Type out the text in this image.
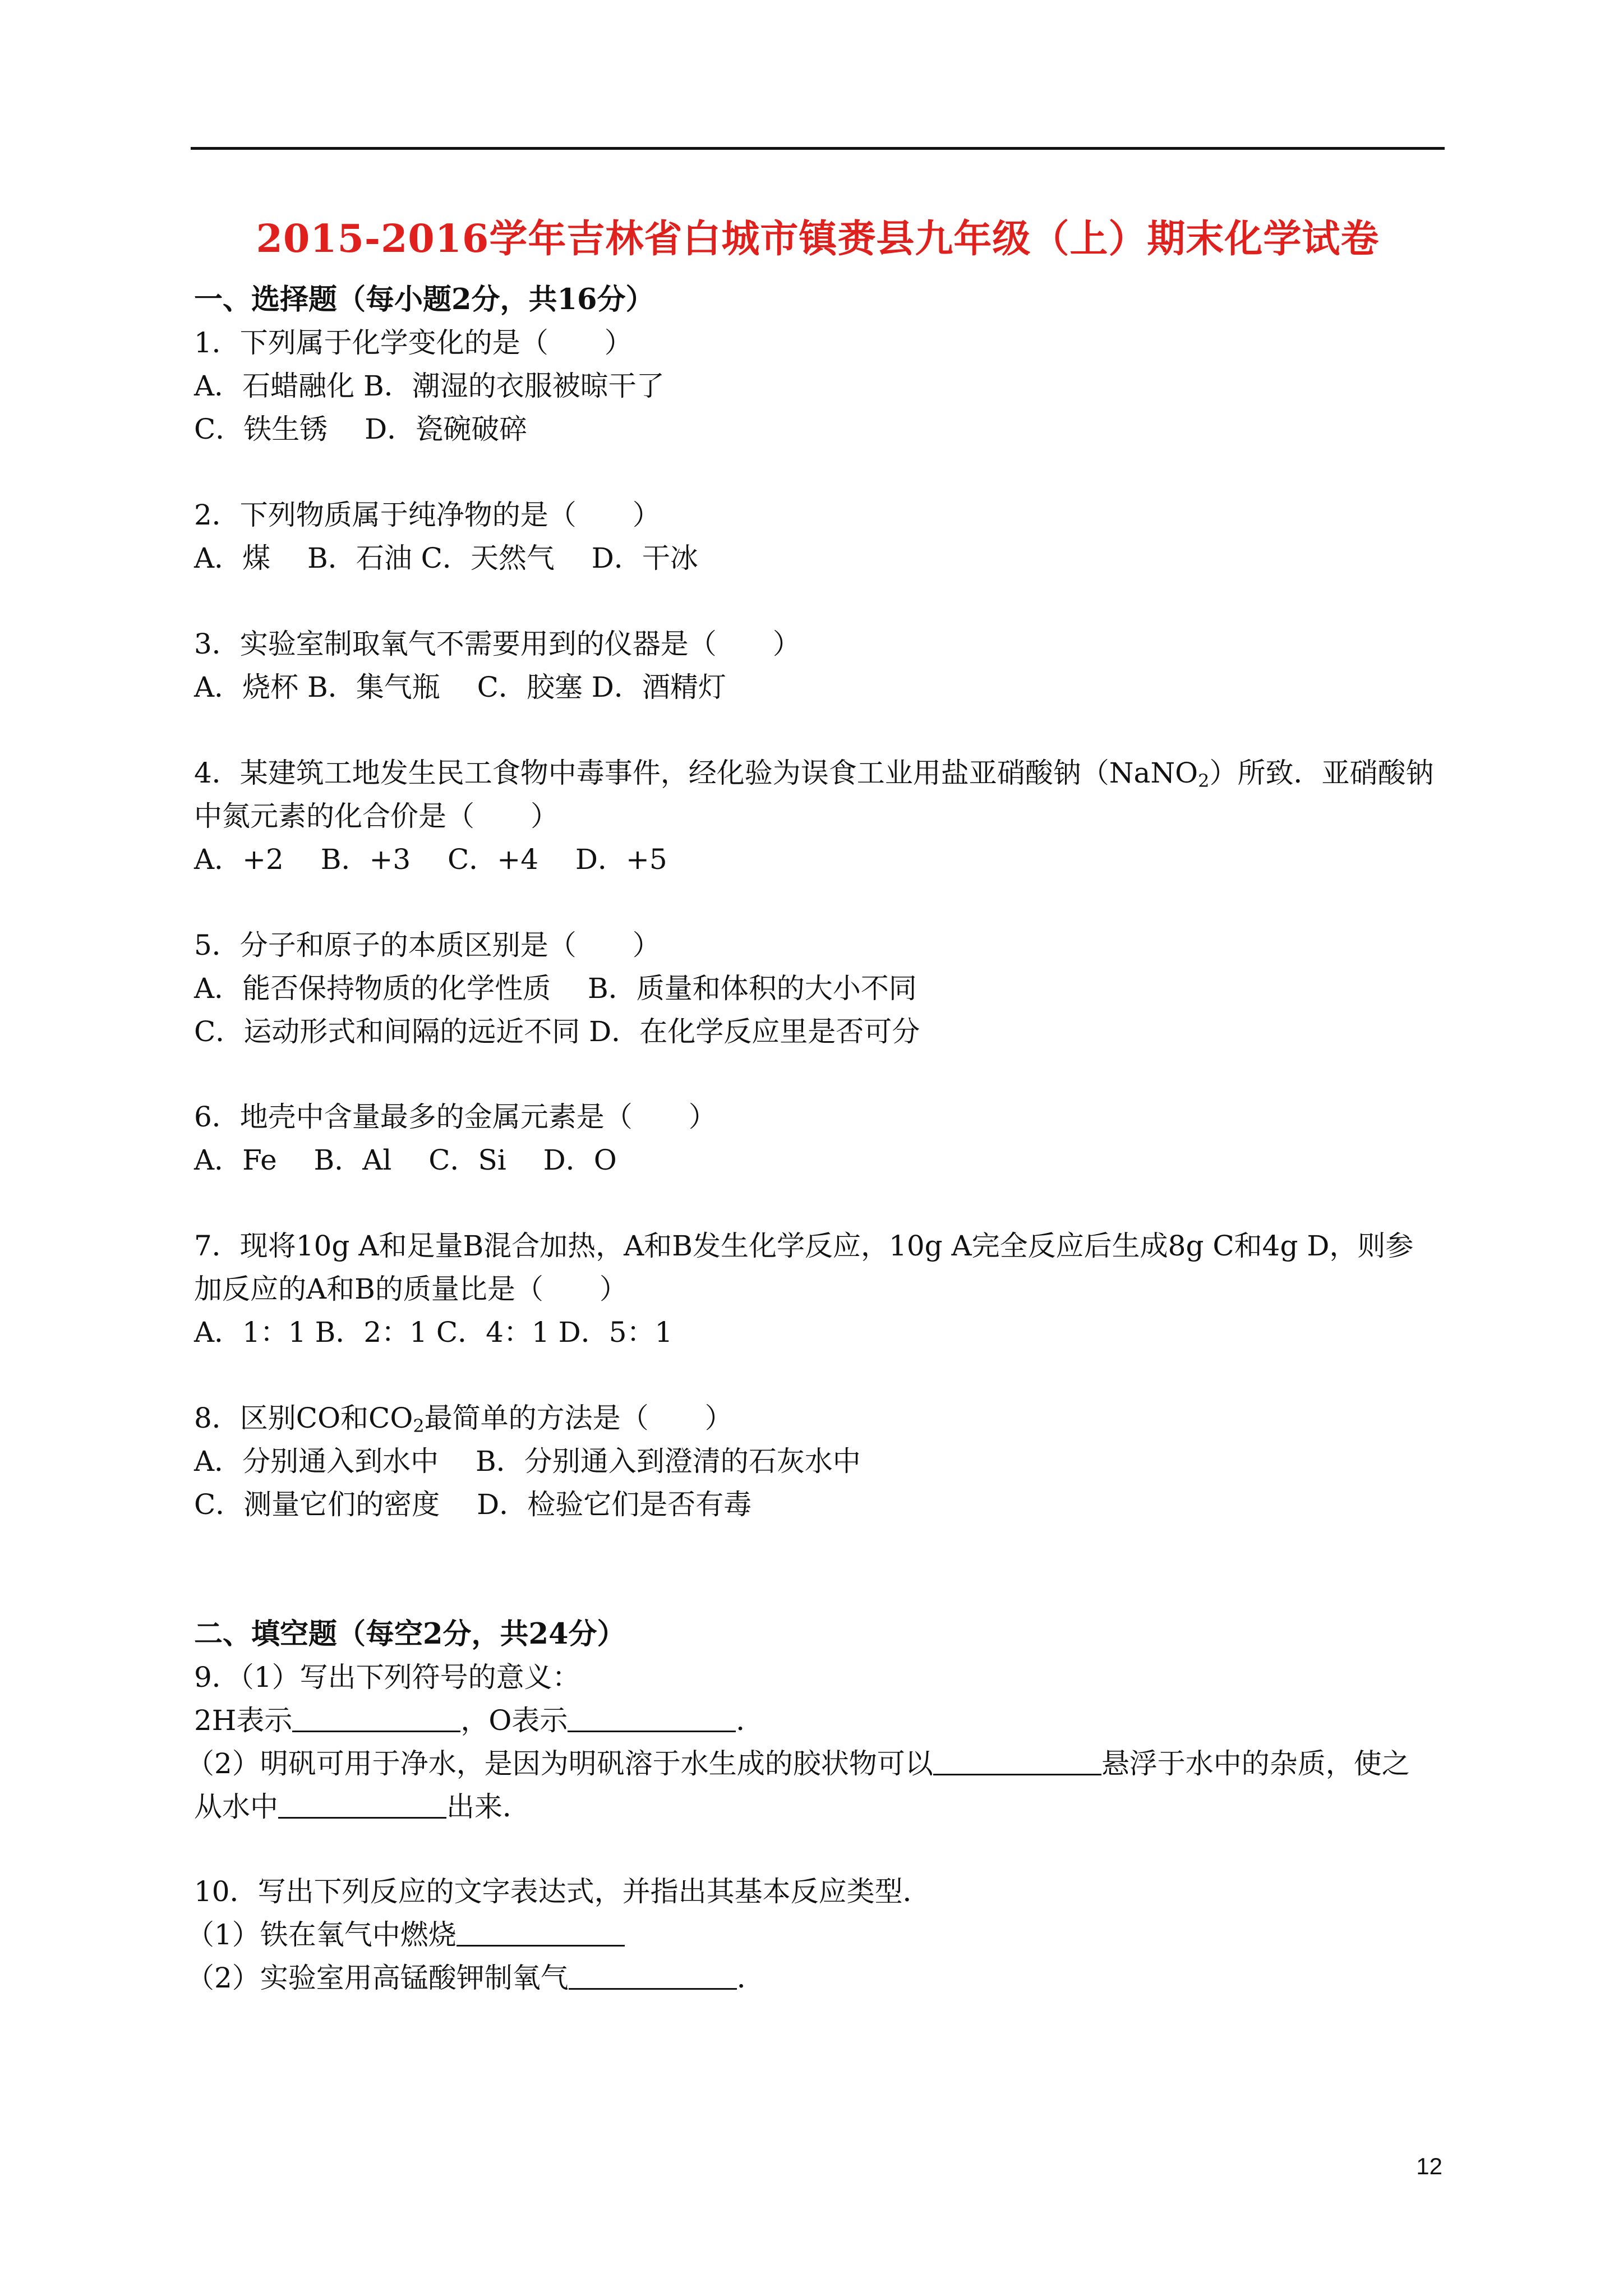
2015-2016学年吉林省白城市镇赉县九年级（上）期末化学试卷
一、选择题（每小题2分，共16分）
1．下列属于化学变化的是（　　）
A．石蜡融化 B．潮湿的衣服被晾干了
C．铁生锈　 D．瓷碗破碎
2．下列物质属于纯净物的是（　　）
A．煤　 B．石油 C．天然气　 D．干冰
3．实验室制取氧气不需要用到的仪器是（　　）
A．烧杯 B．集气瓶　 C．胶塞 D．酒精灯
4．某建筑工地发生民工食物中毒事件，经化验为误食工业用盐亚硝酸钠（NaNO$_2$）所致．亚硝酸钠
中氮元素的化合价是（　　）
A．+2　 B．+3　 C．+4　 D．+5
5．分子和原子的本质区别是（　　）
A．能否保持物质的化学性质　 B．质量和体积的大小不同
C．运动形式和间隔的远近不同 D．在化学反应里是否可分
6．地壳中含量最多的金属元素是（　　）
A．Fe　 B．Al　 C．Si　 D．O
7．现将10g A和足量B混合加热，A和B发生化学反应，10g A完全反应后生成8g C和4g D，则参
加反应的A和B的质量比是（　　）
A．1：1 B．2：1 C．4：1 D．5：1
8．区别CO和$CO_2$最简单的方法是（　　）
A．分别通入到水中　 B．分别通入到澄清的石灰水中
C．测量它们的密度　 D．检验它们是否有毒
二、填空题（每空2分，共24分）
9．（1）写出下列符号的意义：
2H表示	，O表示	．
（2）明矾可用于净水，是因为明矾溶于水生成的胶状物可以	悬浮于水中的杂质，使之
从水中	出来．
10．写出下列反应的文字表达式，并指出其基本反应类型．
（1）铁在氧气中燃烧
（2）实验室用高锰酸钾制氧气	．
12
